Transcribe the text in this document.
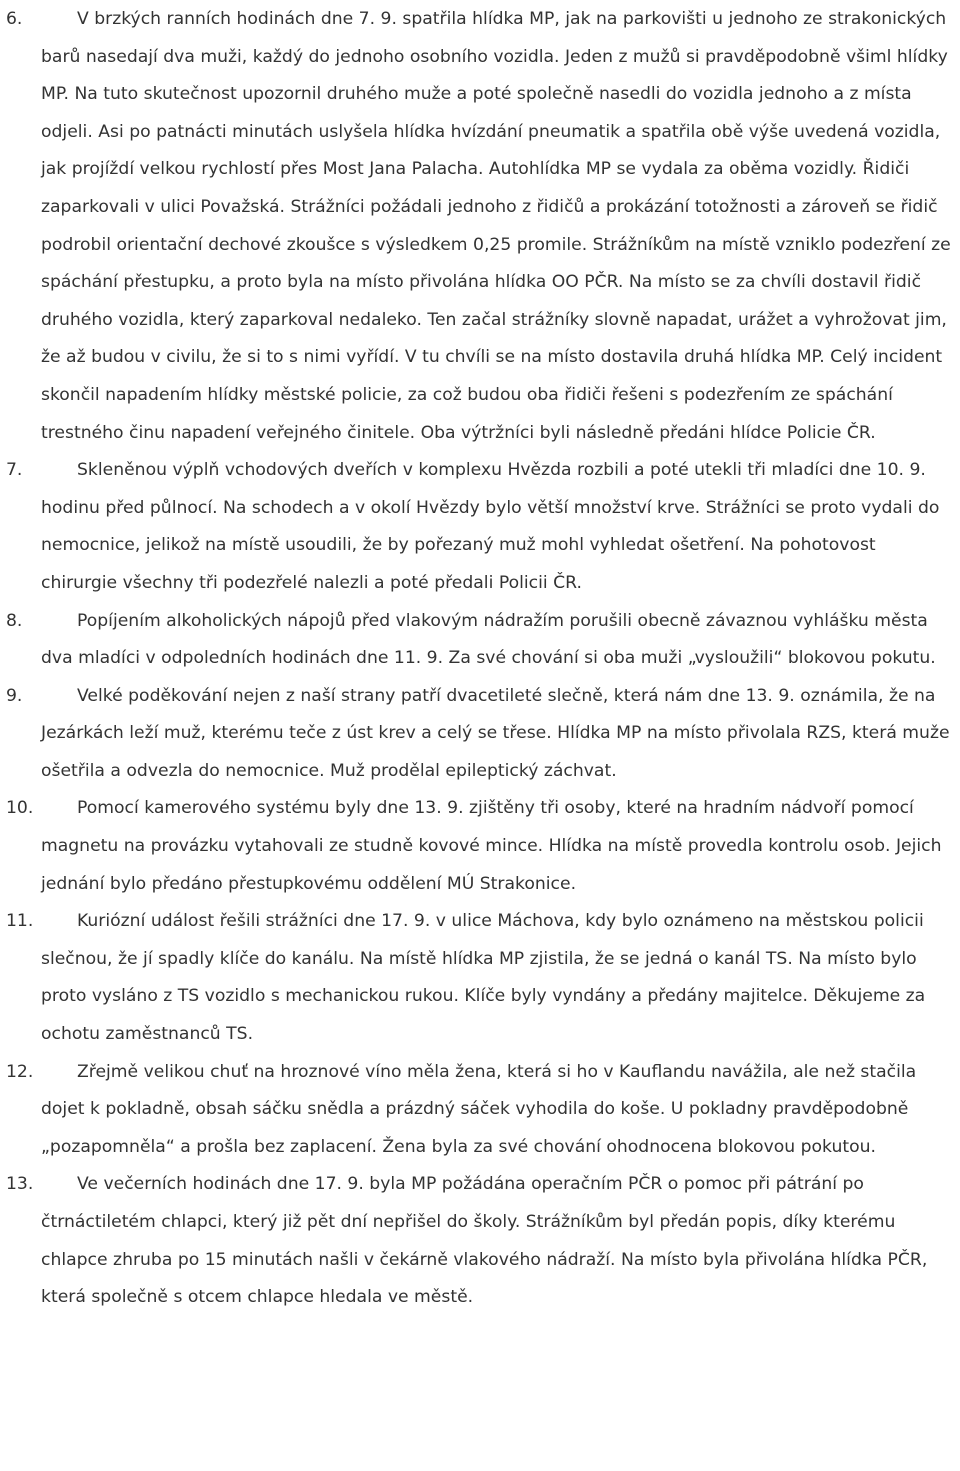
6.	V brzkých ranních hodinách dne 7. 9. spatřila hlídka MP, jak na parkovišti u jednoho ze strakonických barů nasedají dva muži, každý do jednoho osobního vozidla. Jeden z mužů si pravděpodobně všiml hlídky MP. Na tuto skutečnost upozornil druhého muže a poté společně nasedli do vozidla jednoho a z místa odjeli. Asi po patnácti minutách uslyšela hlídka hvízdání pneumatik a spatřila obě výše uvedená vozidla, jak projíždí velkou rychlostí přes Most Jana Palacha. Autohlídka MP se vydala za oběma vozidly. Řidiči zaparkovali v ulici Považská. Strážníci požádali jednoho z řidičů a prokázání totožnosti a zároveň se řidič podrobil orientační dechové zkoušce s výsledkem 0,25 promile. Strážníkům na místě vzniklo podezření ze spáchání přestupku, a proto byla na místo přivolána hlídka OO PČR. Na místo se za chvíli dostavil řidič druhého vozidla, který zaparkoval nedaleko. Ten začal strážníky slovně napadat, urážet a vyhrožovat jim, že až budou v civilu, že si to s nimi vyřídí. V tu chvíli se na místo dostavila druhá hlídka MP. Celý incident skončil napadením hlídky městské policie, za což budou oba řidiči řešeni s podezřením ze spáchání trestného činu napadení veřejného činitele. Oba výtržníci byli následně předáni hlídce Policie ČR.

7.	Skleněnou výplň vchodových dveřích v komplexu Hvězda rozbili a poté utekli tři mladíci dne 10. 9. hodinu před půlnocí. Na schodech a v okolí Hvězdy bylo větší množství krve. Strážníci se proto vydali do nemocnice, jelikož na místě usoudili, že by pořezaný muž mohl vyhledat ošetření. Na pohotovost chirurgie všechny tři podezřelé nalezli a poté předali Policii ČR.

8.	Popíjením alkoholických nápojů před vlakovým nádražím porušili obecně závaznou vyhlášku města dva mladíci v odpoledních hodinách dne 11. 9. Za své chování si oba muži „vysloužili“ blokovou pokutu.

9.	Velké poděkování nejen z naší strany patří dvacetileté slečně, která nám dne 13. 9. oznámila, že na Jezárkách leží muž, kterému teče z úst krev a celý se třese. Hlídka MP na místo přivolala RZS, která muže ošetřila a odvezla do nemocnice. Muž prodělal epileptický záchvat.

10.	Pomocí kamerového systému byly dne 13. 9. zjištěny tři osoby, které na hradním nádvoří pomocí magnetu na provázku vytahovali ze studně kovové mince. Hlídka na místě provedla kontrolu osob. Jejich jednání bylo předáno přestupkovému oddělení MÚ Strakonice.

11.	Kuriózní událost řešili strážníci dne 17. 9. v ulice Máchova, kdy bylo oznámeno na městskou policii slečnou, že jí spadly klíče do kanálu. Na místě hlídka MP zjistila, že se jedná o kanál TS. Na místo bylo proto vysláno z TS vozidlo s mechanickou rukou. Klíče byly vyndány a předány majitelce. Děkujeme za ochotu zaměstnanců TS.

12.	Zřejmě velikou chuť na hroznové víno měla žena, která si ho v Kauflandu navážila, ale než stačila dojet k pokladně, obsah sáčku snědla a prázdný sáček vyhodila do koše. U pokladny pravděpodobně „pozapomněla“ a prošla bez zaplacení. Žena byla za své chování ohodnocena blokovou pokutou.

13.	Ve večerních hodinách dne 17. 9. byla MP požádána operačním PČR o pomoc při pátrání po čtrnáctiletém chlapci, který již pět dní nepřišel do školy. Strážníkům byl předán popis, díky kterému chlapce zhruba po 15 minutách našli v čekárně vlakového nádraží. Na místo byla přivolána hlídka PČR, která společně s otcem chlapce hledala ve městě.
